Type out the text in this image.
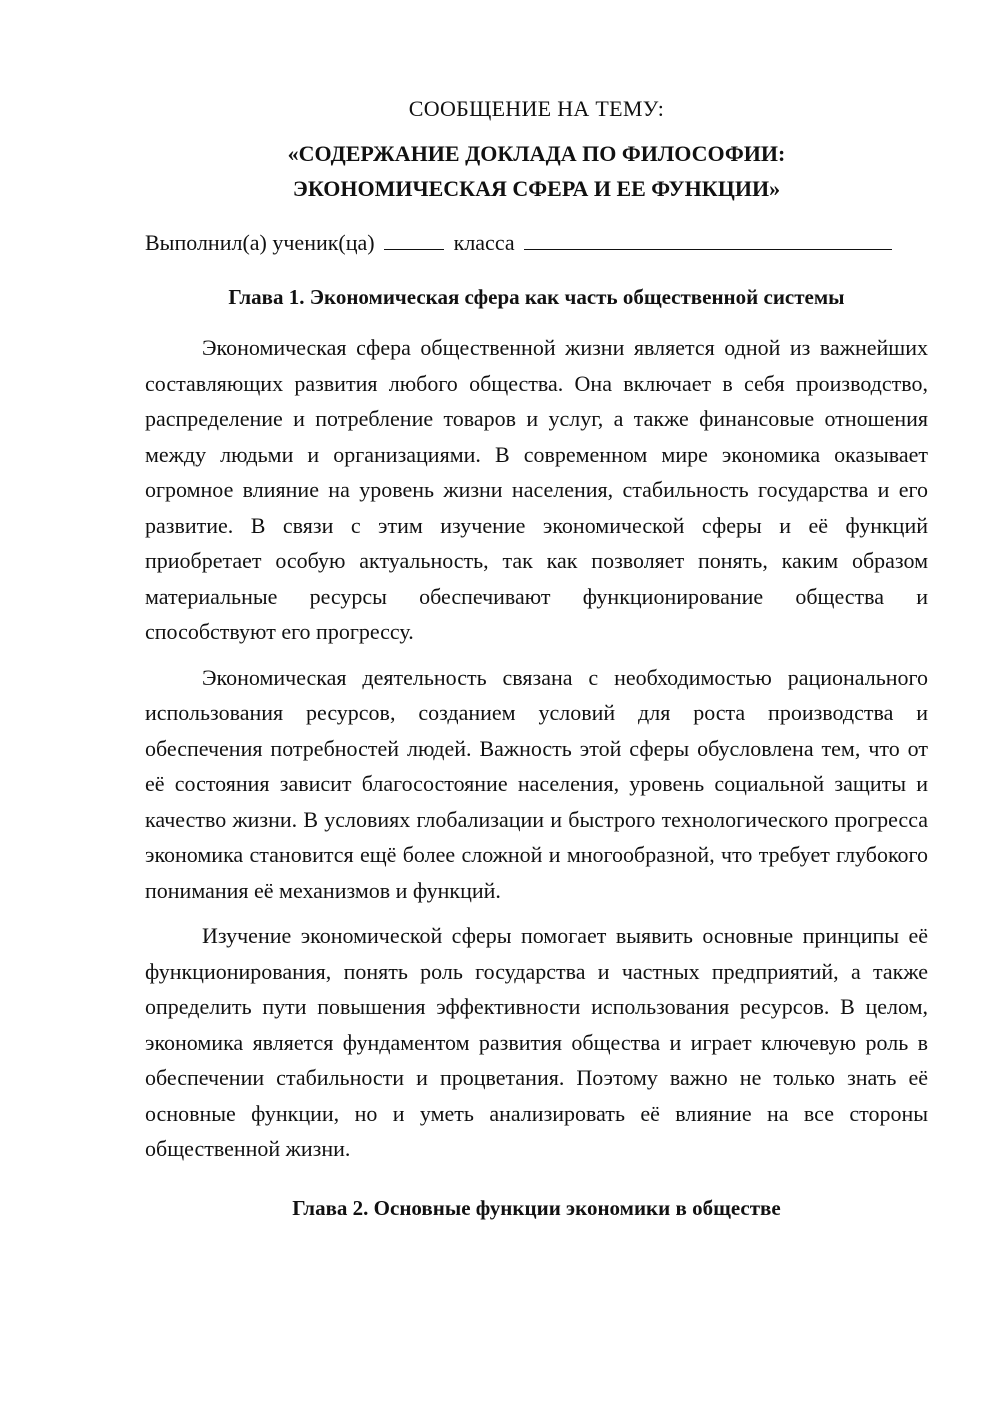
СООБЩЕНИЕ НА ТЕМУ:

«СОДЕРЖАНИЕ ДОКЛАДА ПО ФИЛОСОФИИ:

ЭКОНОМИЧЕСКАЯ СФЕРА И ЕЕ ФУНКЦИИ»

Выполнил(а) ученик(ца)	класса
Глава 1. Экономическая сфера как часть общественной системы

Экономическая сфера общественной жизни является одной из важнейших составляющих развития любого общества. Она включает в себя производство, распределение и потребление товаров и услуг, а также финансовые отношения между людьми и организациями. В современном мире экономика оказывает огромное влияние на уровень жизни населения, стабильность государства и его развитие. В связи с этим изучение экономической сферы и её функций приобретает особую актуальность, так как позволяет понять, каким образом материальные ресурсы обеспечивают функционирование общества и способствуют его прогрессу.

Экономическая деятельность связана с необходимостью рационального использования ресурсов, созданием условий для роста производства и обеспечения потребностей людей. Важность этой сферы обусловлена тем, что от её состояния зависит благосостояние населения, уровень социальной защиты и качество жизни. В условиях глобализации и быстрого технологического прогресса экономика становится ещё более сложной и многообразной, что требует глубокого понимания её механизмов и функций.

Изучение экономической сферы помогает выявить основные принципы её функционирования, понять роль государства и частных предприятий, а также определить пути повышения эффективности использования ресурсов. В целом, экономика является фундаментом развития общества и играет ключевую роль в обеспечении стабильности и процветания. Поэтому важно не только знать её основные функции, но и уметь анализировать её влияние на все стороны общественной жизни.

Глава 2. Основные функции экономики в обществе
